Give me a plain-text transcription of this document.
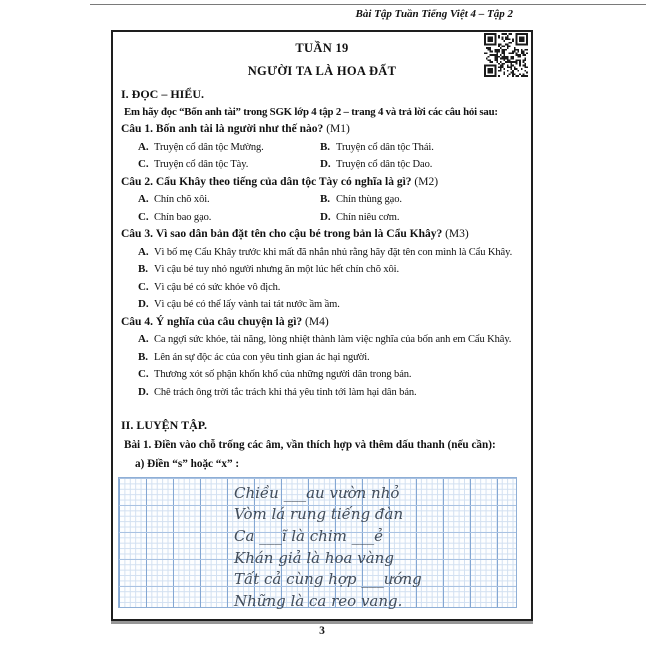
Bài Tập Tuần Tiếng Việt 4 – Tập 2
TUẦN 19
NGƯỜI TA LÀ HOA ĐẤT
I. ĐỌC – HIỂU.
Em hãy đọc “Bốn anh tài” trong SGK lớp 4 tập 2 – trang 4 và trả lời các câu hỏi sau:
Câu 1. Bốn anh tài là người như thế nào? (M1)
A. Truyện cổ dân tộc Mường.	B. Truyện cổ dân tộc Thái.
C. Truyện cổ dân tộc Tày.	D. Truyện cổ dân tộc Dao.
Câu 2. Cẩu Khây theo tiếng của dân tộc Tày có nghĩa là gì? (M2)
A. Chín chõ xôi.	B. Chín thùng gạo.
C. Chín bao gạo.	D. Chín niêu cơm.
Câu 3. Vì sao dân bản đặt tên cho cậu bé trong bản là Cẩu Khây? (M3)
A. Vì bố mẹ Cẩu Khây trước khi mất đã nhắn nhủ rằng hãy đặt tên con mình là Cẩu Khây.
B. Vì cậu bé tuy nhỏ người nhưng ăn một lúc hết chín chõ xôi.
C. Vì cậu bé có sức khỏe vô địch.
D. Vì cậu bé có thể lấy vành tai tát nước ầm ầm.
Câu 4. Ý nghĩa của câu chuyện là gì? (M4)
A. Ca ngợi sức khỏe, tài năng, lòng nhiệt thành làm việc nghĩa của bốn anh em Cẩu Khây.
B. Lên án sự độc ác của con yêu tinh gian ác hại người.
C. Thương xót số phận khốn khổ của những người dân trong bản.
D. Chê trách ông trời tắc trách khi thả yêu tinh tới làm hại dân bản.
II. LUYỆN TẬP.
Bài 1. Điền vào chỗ trống các âm, vần thích hợp và thêm dấu thanh (nếu cần):
a) Điền “s” hoặc “x” :
Chiều ___au vườn nhỏ
Vòm lá rung tiếng đàn
Ca ___ĩ là chim ___ẻ
Khán giả là hoa vàng
Tất cả cùng hợp ___ướng
Những là ca reo vang.
3
